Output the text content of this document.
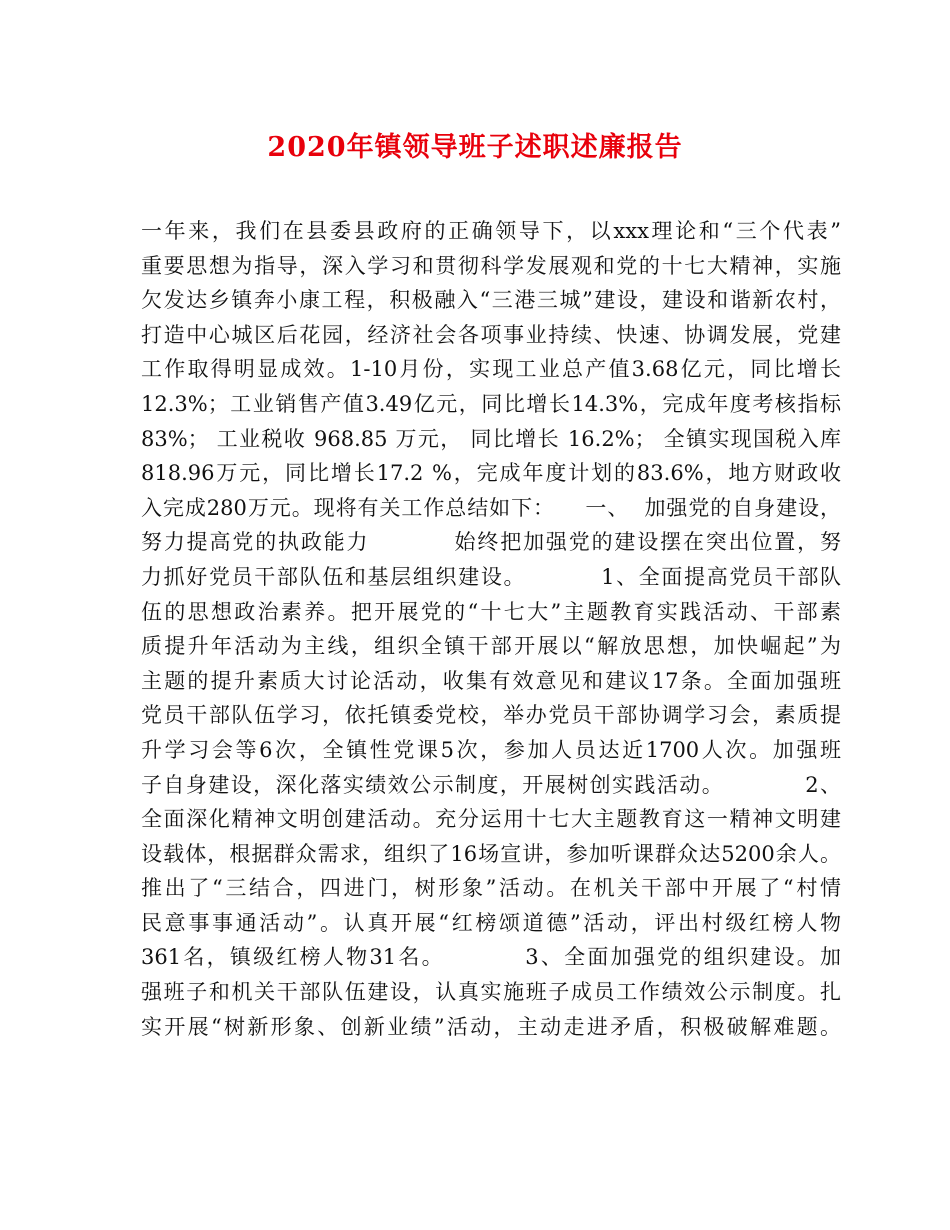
2020年镇领导班子述职述廉报告
一年来，我们在县委县政府的正确领导下，以xxx理论和“三个代表”
重要思想为指导，深入学习和贯彻科学发展观和党的十七大精神，实施
欠发达乡镇奔小康工程，积极融入“三港三城”建设，建设和谐新农村，
打造中心城区后花园，经济社会各项事业持续、快速、协调发展，党建
工作取得明显成效。1-10月份，实现工业总产值3.68亿元，同比增长
12.3%；工业销售产值3.49亿元，同比增长14.3%，完成年度考核指标
83%； 工业税收 968.85 万元， 同比增长 16.2%； 全镇实现国税入库
818.96万元，同比增长17.2 %，完成年度计划的83.6%，地方财政收
入完成280万元。现将有关工作总结如下：    一、  加强党的自身建设，
努力提高党的执政能力          始终把加强党的建设摆在突出位置，努
力抓好党员干部队伍和基层组织建设。         1、全面提高党员干部队
伍的思想政治素养。把开展党的“十七大”主题教育实践活动、干部素
质提升年活动为主线，组织全镇干部开展以“解放思想，加快崛起”为
主题的提升素质大讨论活动，收集有效意见和建议17条。全面加强班
党员干部队伍学习，依托镇委党校，举办党员干部协调学习会，素质提
升学习会等6次，全镇性党课5次，参加人员达近1700人次。加强班
子自身建设，深化落实绩效公示制度，开展树创实践活动。          2、
全面深化精神文明创建活动。充分运用十七大主题教育这一精神文明建
设载体，根据群众需求，组织了16场宣讲，参加听课群众达5200余人。
推出了“三结合，四进门，树形象”活动。在机关干部中开展了“村情
民意事事通活动”。认真开展“红榜颂道德”活动，评出村级红榜人物
361名，镇级红榜人物31名。         3、全面加强党的组织建设。加
强班子和机关干部队伍建设，认真实施班子成员工作绩效公示制度。扎
实开展“树新形象、创新业绩”活动，主动走进矛盾，积极破解难题。
